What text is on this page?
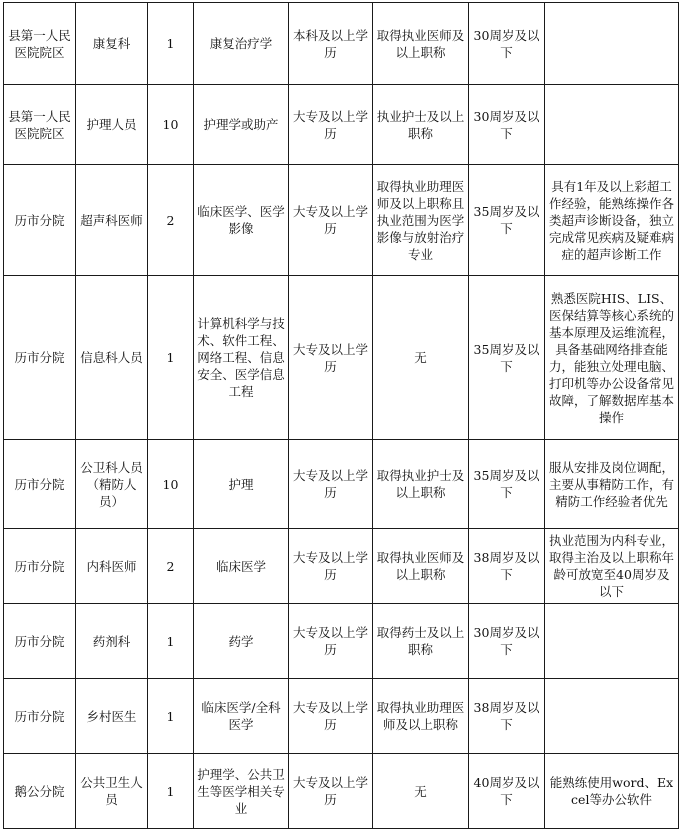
县第一人民医院院区	康复科	1	康复治疗学	本科及以上学历	取得执业医师及以上职称	30周岁及以下	
县第一人民医院院区	护理人员	10	护理学或助产	大专及以上学历	执业护士及以上职称	30周岁及以下	
历市分院	超声科医师	2	临床医学、医学影像	大专及以上学历	取得执业助理医师及以上职称且执业范围为医学影像与放射治疗专业	35周岁及以下	具有1年及以上彩超工作经验，能熟练操作各类超声诊断设备，独立完成常见疾病及疑难病症的超声诊断工作
历市分院	信息科人员	1	计算机科学与技术、软件工程、网络工程、信息安全、医学信息工程	大专及以上学历	无	35周岁及以下	熟悉医院HIS、LIS、医保结算等核心系统的基本原理及运维流程，具备基础网络排查能力，能独立处理电脑、打印机等办公设备常见故障，了解数据库基本操作
历市分院	公卫科人员（精防人员）	10	护理	大专及以上学历	取得执业护士及以上职称	35周岁及以下	服从安排及岗位调配，主要从事精防工作，有精防工作经验者优先
历市分院	内科医师	2	临床医学	大专及以上学历	取得执业医师及以上职称	38周岁及以下	执业范围为内科专业，取得主治及以上职称年龄可放宽至40周岁及以下
历市分院	药剂科	1	药学	大专及以上学历	取得药士及以上职称	30周岁及以下	
历市分院	乡村医生	1	临床医学/全科医学	大专及以上学历	取得执业助理医师及以上职称	38周岁及以下	
鹅公分院	公共卫生人员	1	护理学、公共卫生等医学相关专业	大专及以上学历	无	40周岁及以下	能熟练使用word、Excel等办公软件
